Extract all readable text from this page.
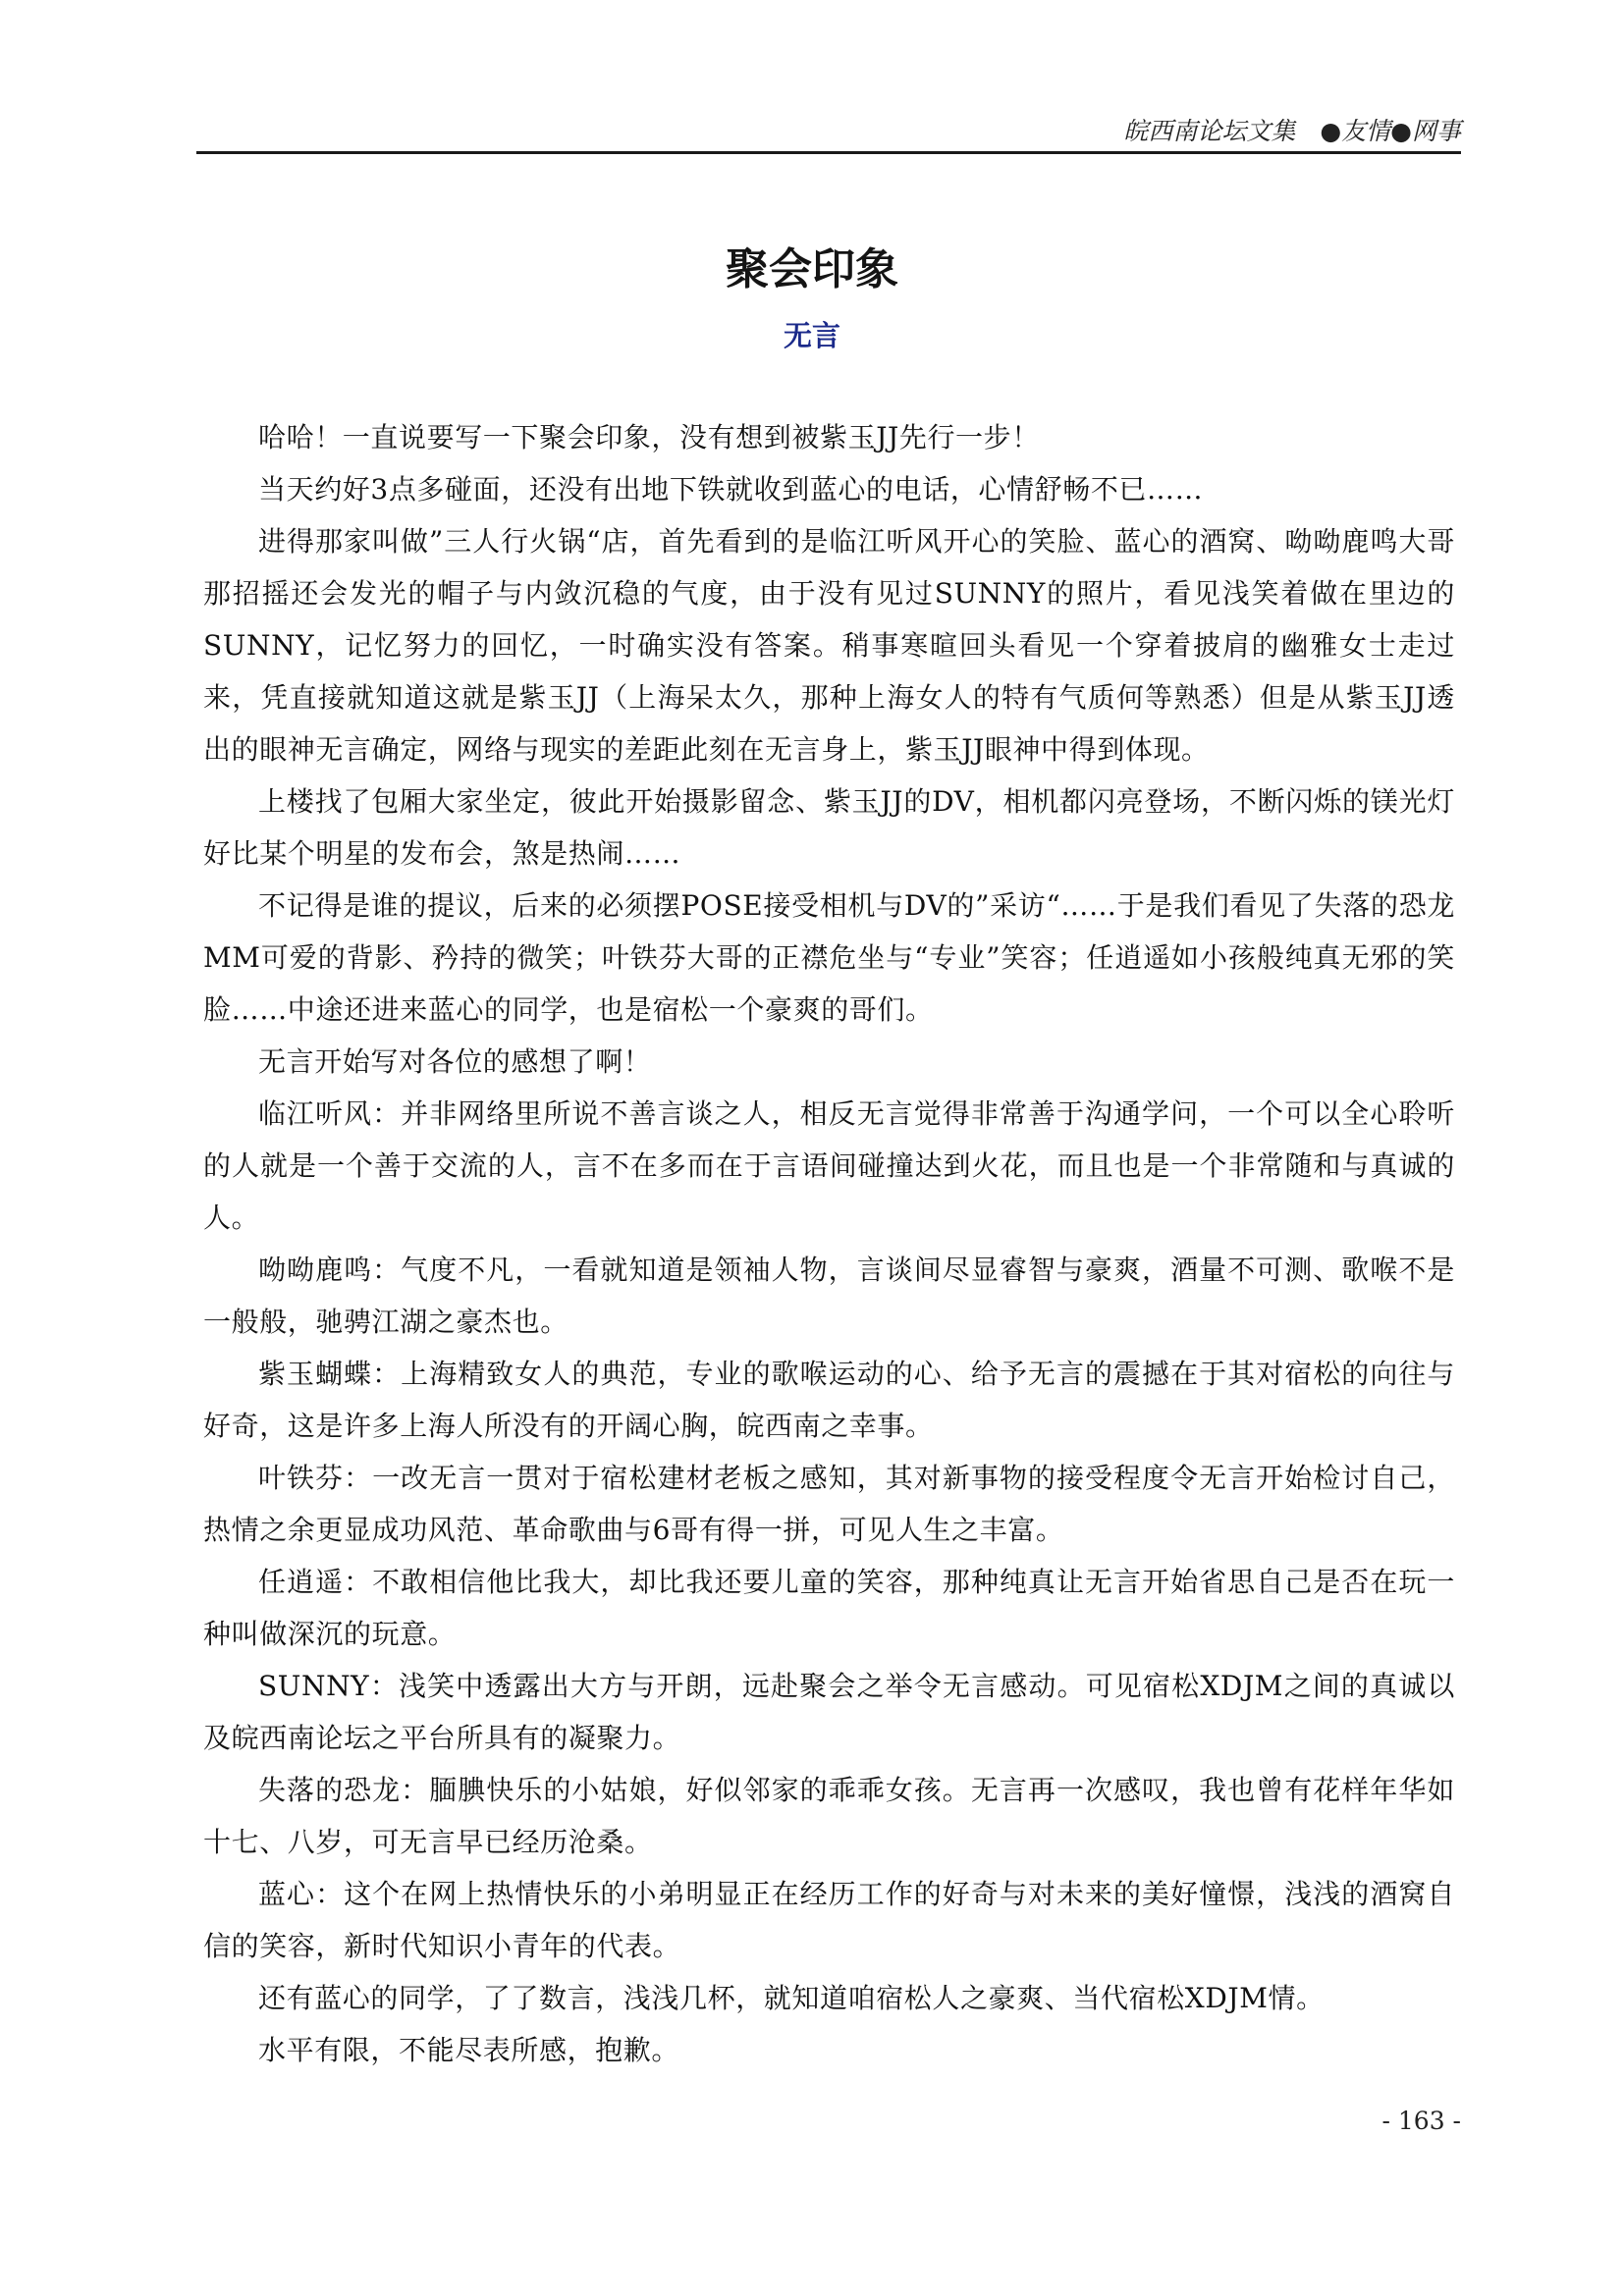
皖西南论坛文集　●友情●网事
聚会印象
无言

哈哈！一直说要写一下聚会印象，没有想到被紫玉JJ先行一步！

当天约好3点多碰面，还没有出地下铁就收到蓝心的电话，心情舒畅不已……

进得那家叫做”三人行火锅“店，首先看到的是临江听风开心的笑脸、蓝心的酒窝、呦呦鹿鸣大哥那招摇还会发光的帽子与内敛沉稳的气度，由于没有见过SUNNY的照片，看见浅笑着做在里边的SUNNY，记忆努力的回忆，一时确实没有答案。稍事寒暄回头看见一个穿着披肩的幽雅女士走过来，凭直接就知道这就是紫玉JJ（上海呆太久，那种上海女人的特有气质何等熟悉）但是从紫玉JJ透出的眼神无言确定，网络与现实的差距此刻在无言身上，紫玉JJ眼神中得到体现。

上楼找了包厢大家坐定，彼此开始摄影留念、紫玉JJ的DV，相机都闪亮登场，不断闪烁的镁光灯好比某个明星的发布会，煞是热闹……

不记得是谁的提议，后来的必须摆POSE接受相机与DV的”采访“……于是我们看见了失落的恐龙MM可爱的背影、矜持的微笑；叶铁芬大哥的正襟危坐与“专业”笑容；任逍遥如小孩般纯真无邪的笑脸……中途还进来蓝心的同学，也是宿松一个豪爽的哥们。

无言开始写对各位的感想了啊！

临江听风：并非网络里所说不善言谈之人，相反无言觉得非常善于沟通学问，一个可以全心聆听的人就是一个善于交流的人，言不在多而在于言语间碰撞达到火花，而且也是一个非常随和与真诚的人。

呦呦鹿鸣：气度不凡，一看就知道是领袖人物，言谈间尽显睿智与豪爽，酒量不可测、歌喉不是一般般，驰骋江湖之豪杰也。

紫玉蝴蝶：上海精致女人的典范，专业的歌喉运动的心、给予无言的震撼在于其对宿松的向往与好奇，这是许多上海人所没有的开阔心胸，皖西南之幸事。

叶铁芬：一改无言一贯对于宿松建材老板之感知，其对新事物的接受程度令无言开始检讨自己，热情之余更显成功风范、革命歌曲与6哥有得一拼，可见人生之丰富。

任逍遥：不敢相信他比我大，却比我还要儿童的笑容，那种纯真让无言开始省思自己是否在玩一种叫做深沉的玩意。

SUNNY：浅笑中透露出大方与开朗，远赴聚会之举令无言感动。可见宿松XDJM之间的真诚以及皖西南论坛之平台所具有的凝聚力。

失落的恐龙：腼腆快乐的小姑娘，好似邻家的乖乖女孩。无言再一次感叹，我也曾有花样年华如十七、八岁，可无言早已经历沧桑。

蓝心：这个在网上热情快乐的小弟明显正在经历工作的好奇与对未来的美好憧憬，浅浅的酒窝自信的笑容，新时代知识小青年的代表。

还有蓝心的同学，了了数言，浅浅几杯，就知道咱宿松人之豪爽、当代宿松XDJM情。

水平有限，不能尽表所感，抱歉。

- 163 -
